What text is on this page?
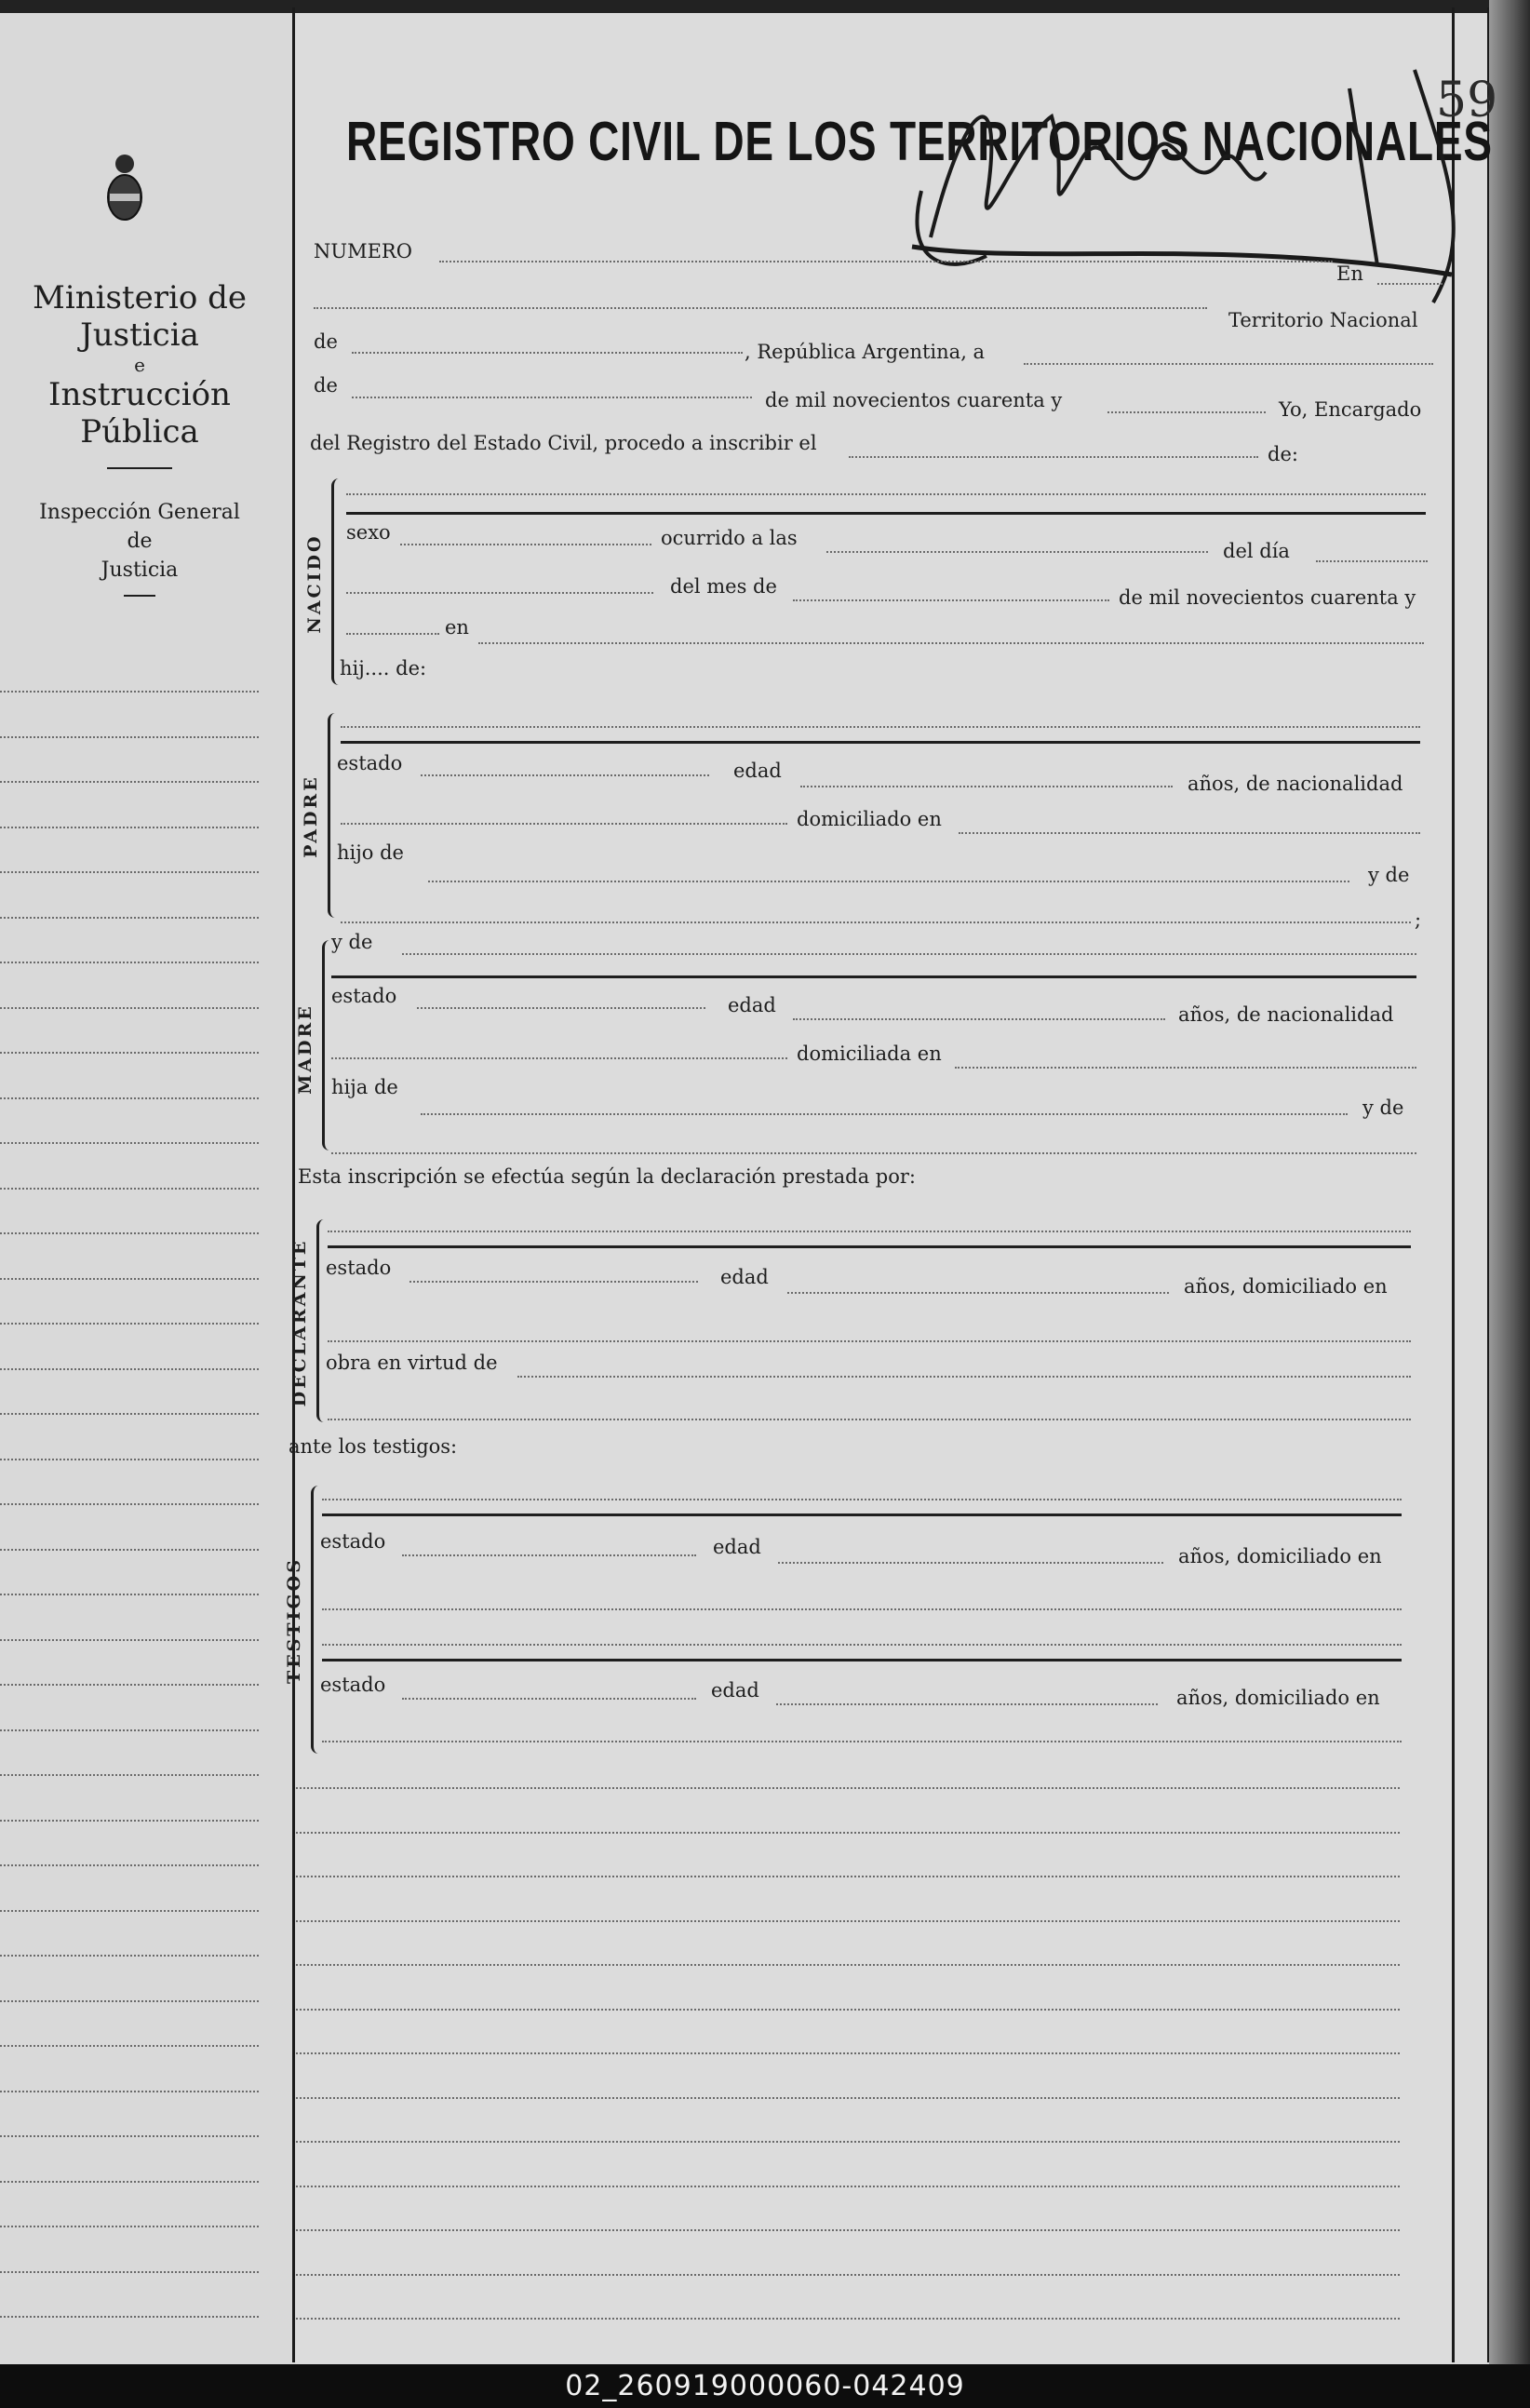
Ministerio de Justicia
e
Instrucción Pública
Inspección General
de
Justicia
REGISTRO CIVIL DE LOS TERRITORIOS NACIONALES
59
NUMERO
En
Territorio Nacional
de	, República Argentina, a
de
de mil novecientos cuarenta y	Yo, Encargado
del Registro del Estado Civil, procedo a inscribir el	de:
NACIDO
sexo	ocurrido a las
del día
del mes de	de mil novecientos cuarenta y
en
hij.... de:
PADRE
estado	edad
años, de nacionalidad
domiciliado en
hijo de
y de
;
MADRE
y de
estado	edad	años, de nacionalidad
domiciliada en
hija de
y de
Esta inscripción se efectúa según la declaración prestada por:
DECLARANTE estado	edad	años, domiciliado en
obra en virtud de
ante los testigos:
TESTIGOS
estado	edad	años, domiciliado en
estado	edad	años, domiciliado en
02_260919000060-042409
